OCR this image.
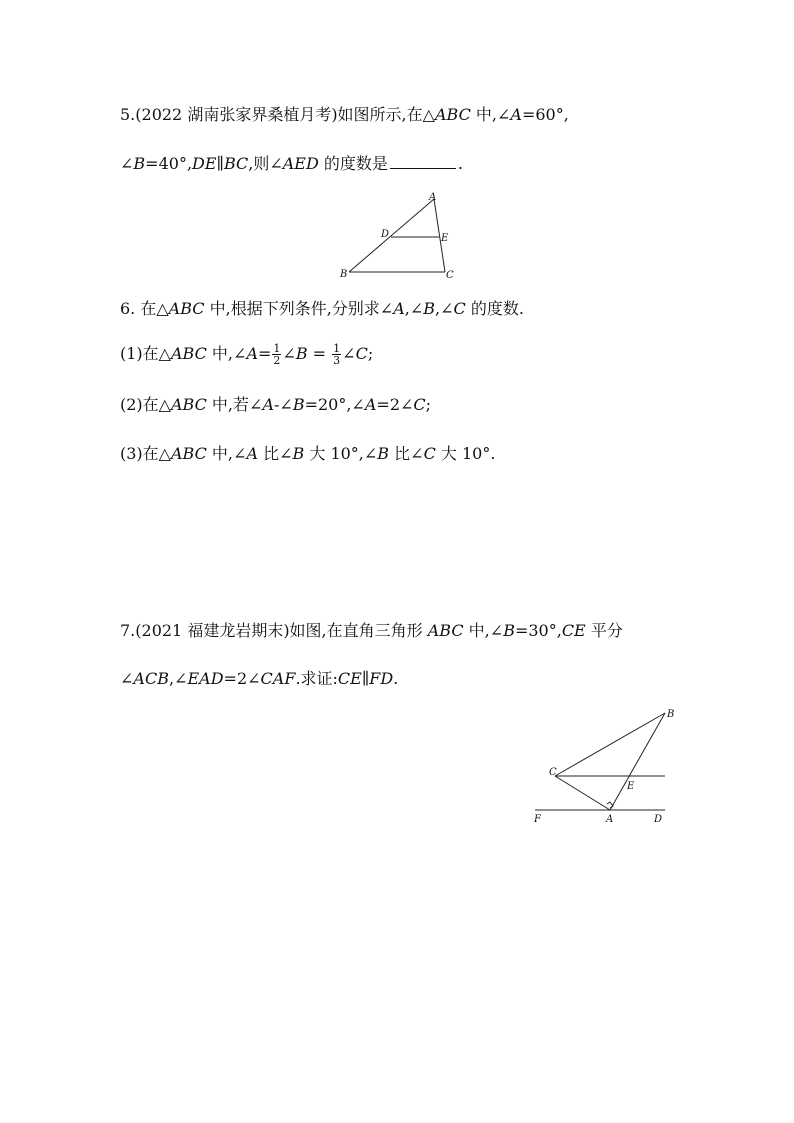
5.(2022 湖南张家界桑植月考)如图所示,在△ABC 中,∠A=60°,
∠B=40°,DE∥BC,则∠AED 的度数是	.
A
D	E
B	C
6. 在△ABC 中,根据下列条件,分别求∠A,∠B,∠C 的度数.
(1)在△ABC 中,∠A= $\frac{1}{2}$ ∠B = $\frac{1}{3}$ ∠C;
(2)在△ABC 中,若∠A-∠B=20°,∠A=2∠C;
(3)在△ABC 中,∠A 比∠B 大 10°,∠B 比∠C 大 10°.
7.(2021 福建龙岩期末)如图,在直角三角形 ABC 中,∠B=30°,CE 平分
∠ACB,∠EAD=2∠CAF.求证:CE∥FD.
B
C
E
F	A	D
